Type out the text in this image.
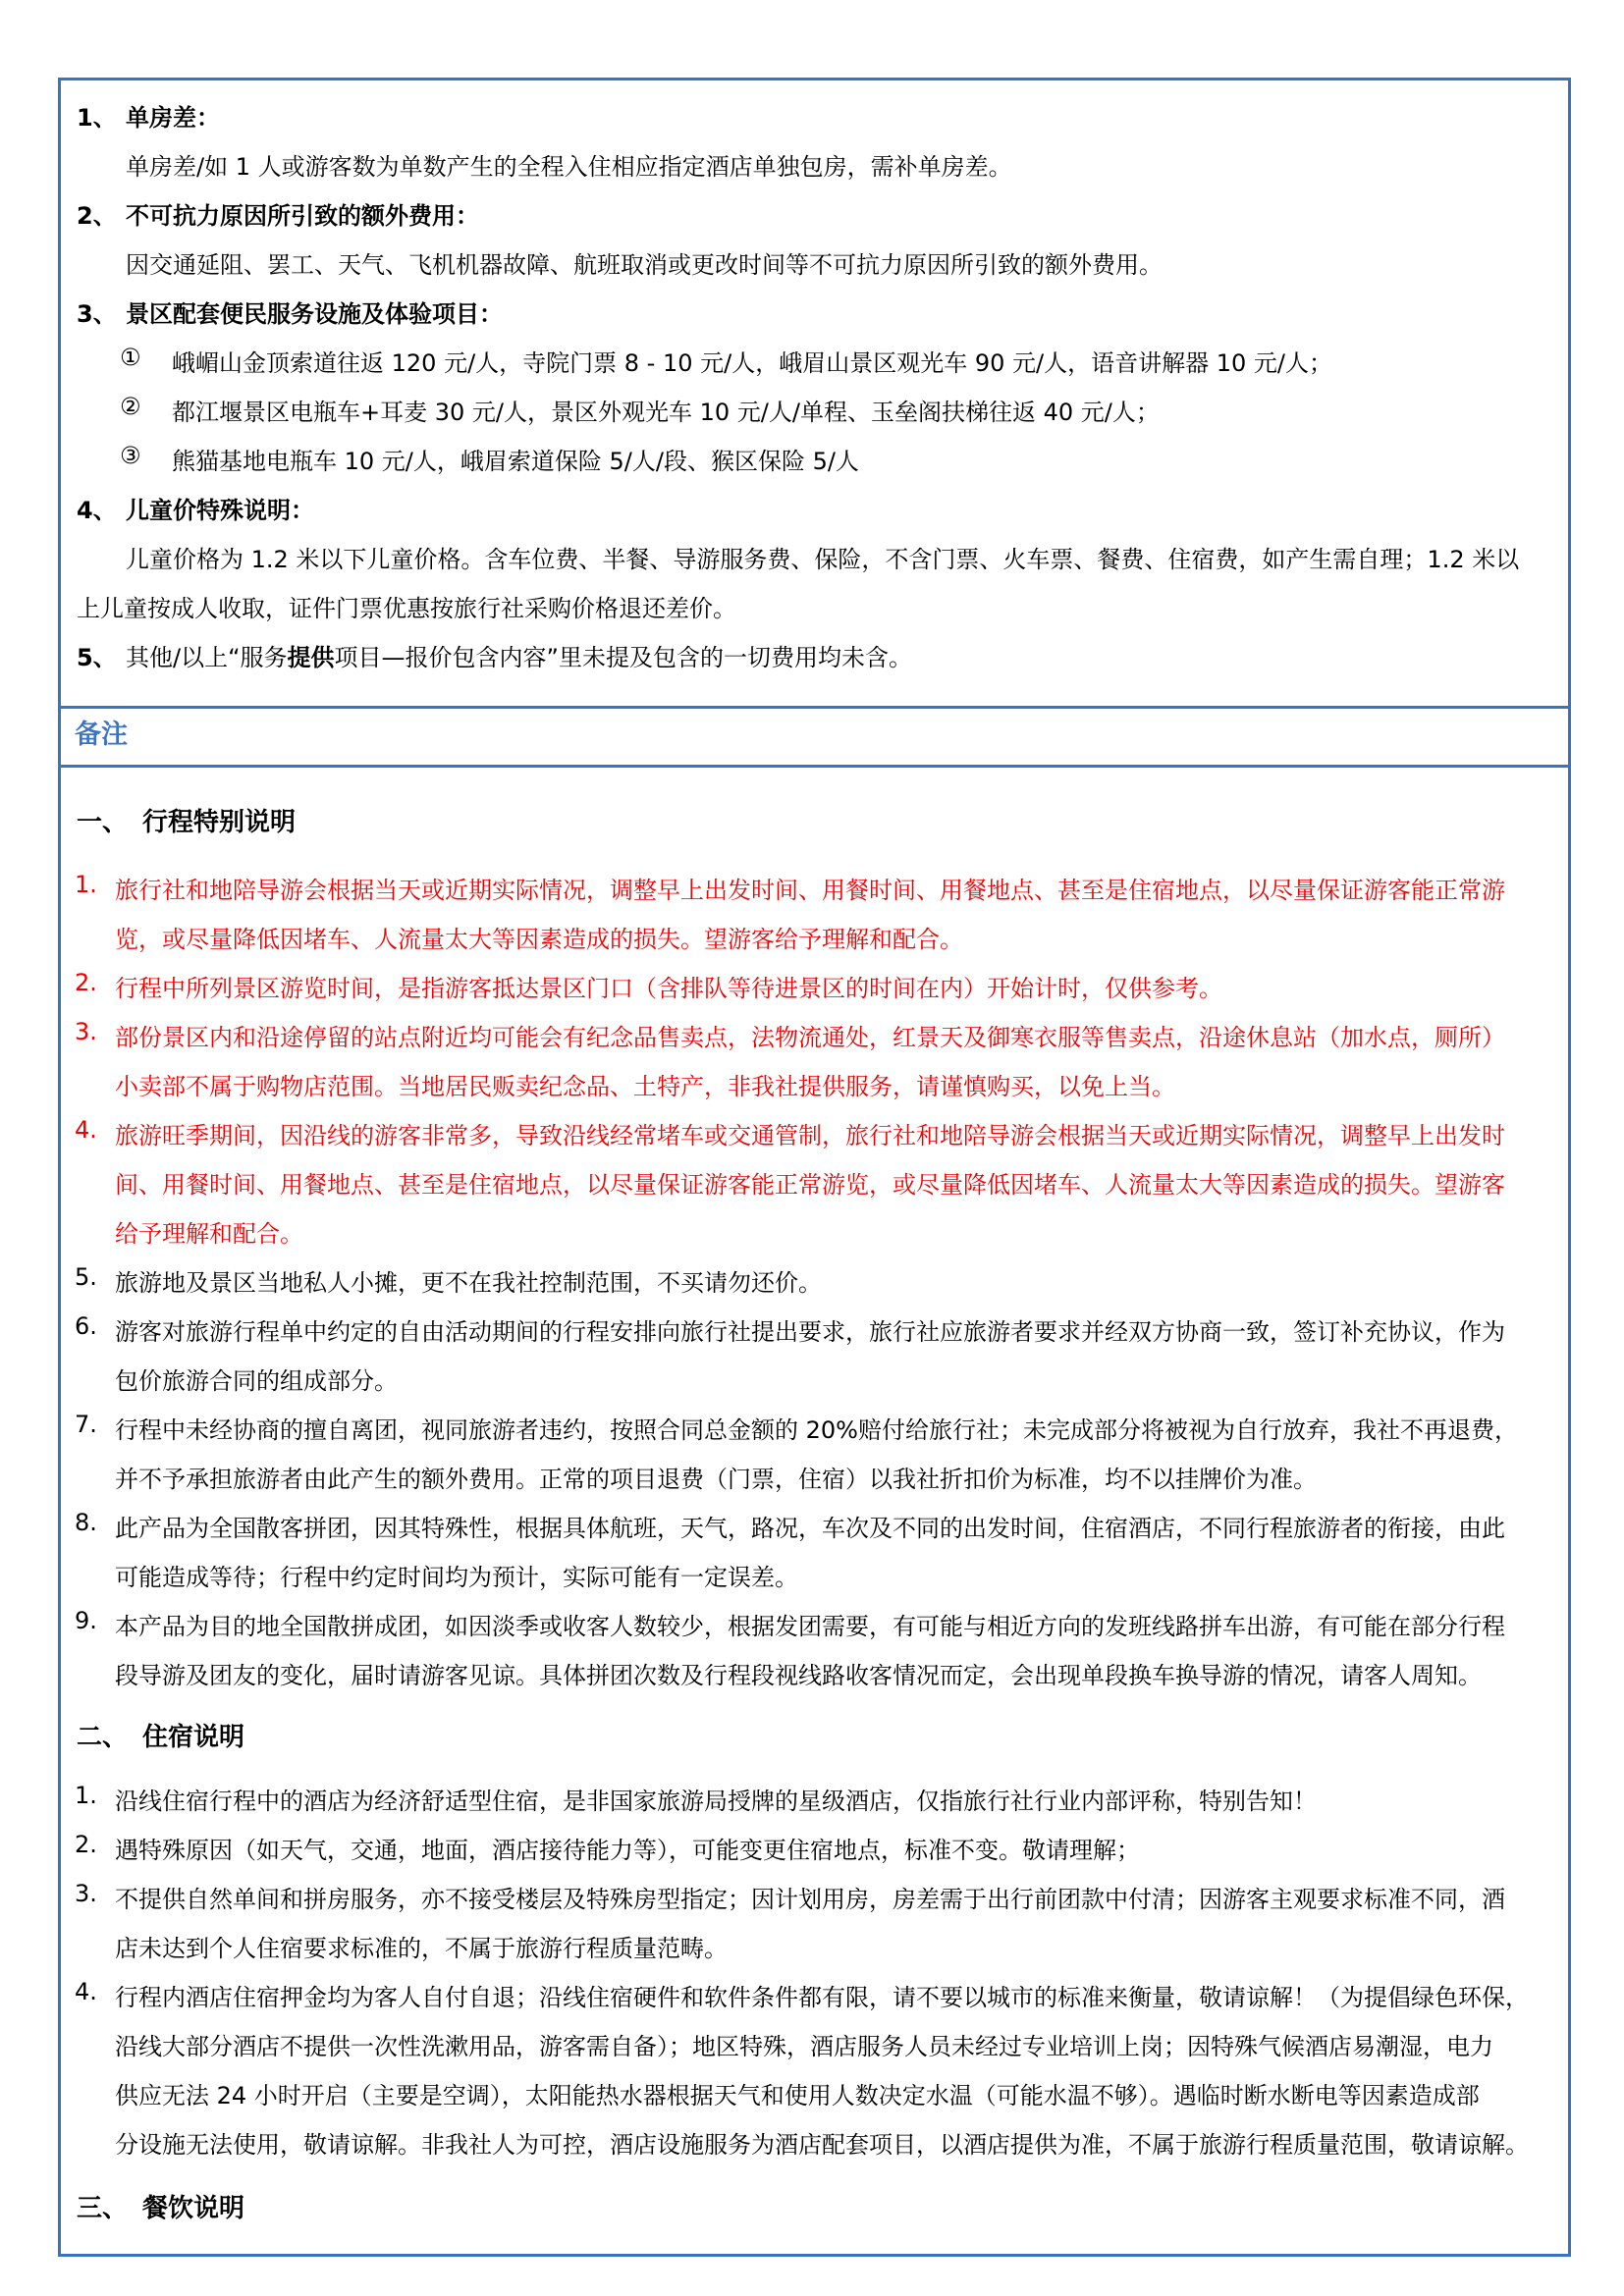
1、 单房差：
单房差/如 1 人或游客数为单数产生的全程入住相应指定酒店单独包房，需补单房差。
2、 不可抗力原因所引致的额外费用：
因交通延阻、罢工、天气、飞机机器故障、航班取消或更改时间等不可抗力原因所引致的额外费用。
3、 景区配套便民服务设施及体验项目：
① 峨嵋山金顶索道往返 120 元/人，寺院门票 8 - 10 元/人，峨眉山景区观光车 90 元/人，语音讲解器 10 元/人；
② 都江堰景区电瓶车+耳麦 30 元/人，景区外观光车 10 元/人/单程、玉垒阁扶梯往返 40 元/人；
③ 熊猫基地电瓶车 10 元/人，峨眉索道保险 5/人/段、猴区保险 5/人
4、 儿童价特殊说明：
儿童价格为 1.2 米以下儿童价格。含车位费、半餐、导游服务费、保险，不含门票、火车票、餐费、住宿费，如产生需自理；1.2 米以
上儿童按成人收取，证件门票优惠按旅行社采购价格退还差价。
5、 其他/以上“服务提供项目—报价包含内容”里未提及包含的一切费用均未含。
备注
一、 行程特别说明
1. 旅行社和地陪导游会根据当天或近期实际情况，调整早上出发时间、用餐时间、用餐地点、甚至是住宿地点，以尽量保证游客能正常游
览，或尽量降低因堵车、人流量太大等因素造成的损失。望游客给予理解和配合。
2. 行程中所列景区游览时间，是指游客抵达景区门口（含排队等待进景区的时间在内）开始计时，仅供参考。
3. 部份景区内和沿途停留的站点附近均可能会有纪念品售卖点，法物流通处，红景天及御寒衣服等售卖点，沿途休息站（加水点，厕所）
小卖部不属于购物店范围。当地居民贩卖纪念品、土特产，非我社提供服务，请谨慎购买，以免上当。
4. 旅游旺季期间，因沿线的游客非常多，导致沿线经常堵车或交通管制，旅行社和地陪导游会根据当天或近期实际情况，调整早上出发时
间、用餐时间、用餐地点、甚至是住宿地点，以尽量保证游客能正常游览，或尽量降低因堵车、人流量太大等因素造成的损失。望游客
给予理解和配合。
5. 旅游地及景区当地私人小摊，更不在我社控制范围，不买请勿还价。
6. 游客对旅游行程单中约定的自由活动期间的行程安排向旅行社提出要求，旅行社应旅游者要求并经双方协商一致，签订补充协议，作为
包价旅游合同的组成部分。
7. 行程中未经协商的擅自离团，视同旅游者违约，按照合同总金额的 20%赔付给旅行社；未完成部分将被视为自行放弃，我社不再退费，
并不予承担旅游者由此产生的额外费用。正常的项目退费（门票，住宿）以我社折扣价为标准，均不以挂牌价为准。
8. 此产品为全国散客拼团，因其特殊性，根据具体航班，天气，路况，车次及不同的出发时间，住宿酒店，不同行程旅游者的衔接，由此
可能造成等待；行程中约定时间均为预计，实际可能有一定误差。
9. 本产品为目的地全国散拼成团，如因淡季或收客人数较少，根据发团需要，有可能与相近方向的发班线路拼车出游，有可能在部分行程
段导游及团友的变化，届时请游客见谅。具体拼团次数及行程段视线路收客情况而定，会出现单段换车换导游的情况，请客人周知。
二、 住宿说明
1. 沿线住宿行程中的酒店为经济舒适型住宿，是非国家旅游局授牌的星级酒店，仅指旅行社行业内部评称，特别告知！
2. 遇特殊原因（如天气，交通，地面，酒店接待能力等），可能变更住宿地点，标准不变。敬请理解；
3. 不提供自然单间和拼房服务，亦不接受楼层及特殊房型指定；因计划用房，房差需于出行前团款中付清；因游客主观要求标准不同，酒
店未达到个人住宿要求标准的，不属于旅游行程质量范畴。
4. 行程内酒店住宿押金均为客人自付自退；沿线住宿硬件和软件条件都有限，请不要以城市的标准来衡量，敬请谅解！（为提倡绿色环保，
沿线大部分酒店不提供一次性洗漱用品，游客需自备）；地区特殊，酒店服务人员未经过专业培训上岗；因特殊气候酒店易潮湿，电力
供应无法 24 小时开启（主要是空调），太阳能热水器根据天气和使用人数决定水温（可能水温不够）。遇临时断水断电等因素造成部
分设施无法使用，敬请谅解。非我社人为可控，酒店设施服务为酒店配套项目，以酒店提供为准，不属于旅游行程质量范围，敬请谅解。
三、 餐饮说明
